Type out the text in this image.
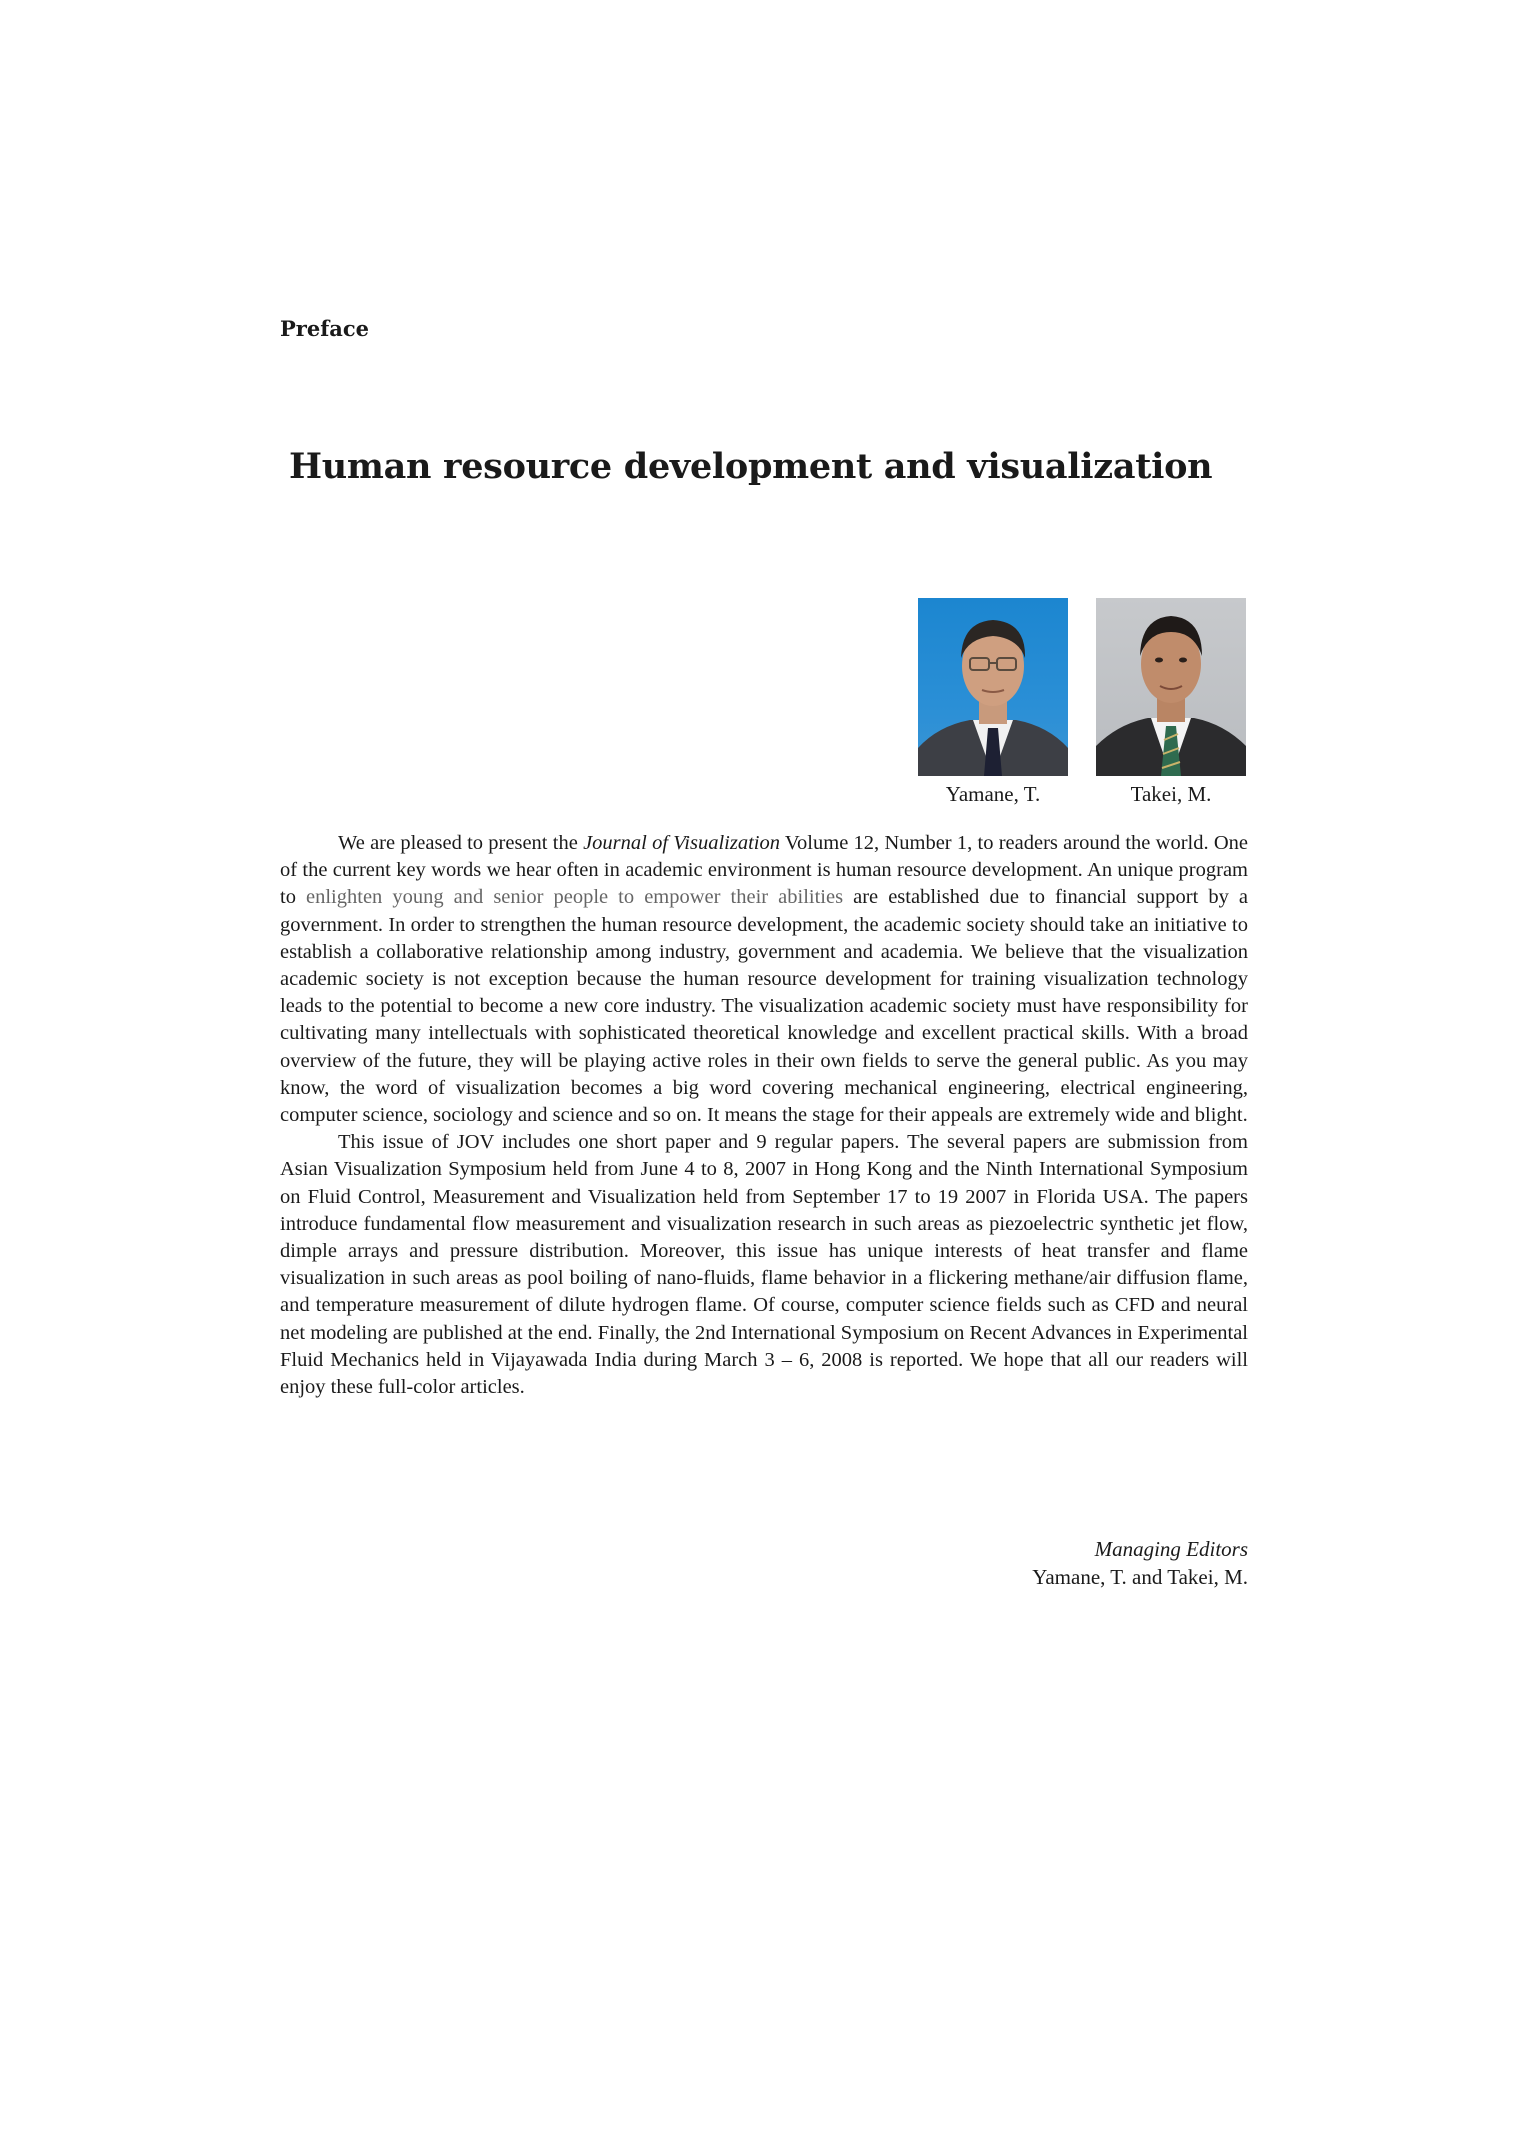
Preface
Human resource development and visualization
Yamane, T.	Takei, M.

We are pleased to present the Journal of Visualization Volume 12, Number 1, to readers around the world. One of the current key words we hear often in academic environment is human resource development. An unique program to enlighten young and senior people to empower their abilities are established due to financial support by a government. In order to strengthen the human resource development, the academic society should take an initiative to establish a collaborative relationship among industry, government and academia. We believe that the visualization academic society is not exception because the human resource development for training visualization technology leads to the potential to become a new core industry. The visualization academic society must have responsibility for cultivating many intellectuals with sophisticated theoretical knowledge and excellent practical skills. With a broad overview of the future, they will be playing active roles in their own fields to serve the general public. As you may know, the word of visualization becomes a big word covering mechanical engineering, electrical engineering, computer science, sociology and science and so on. It means the stage for their appeals are extremely wide and blight.

This issue of JOV includes one short paper and 9 regular papers. The several papers are submission from Asian Visualization Symposium held from June 4 to 8, 2007 in Hong Kong and the Ninth International Symposium on Fluid Control, Measurement and Visualization held from September 17 to 19 2007 in Florida USA. The papers introduce fundamental flow measurement and visualization research in such areas as piezoelectric synthetic jet flow, dimple arrays and pressure distribution. Moreover, this issue has unique interests of heat transfer and flame visualization in such areas as pool boiling of nano-fluids, flame behavior in a flickering methane/air diffusion flame, and temperature measurement of dilute hydrogen flame. Of course, computer science fields such as CFD and neural net modeling are published at the end. Finally, the 2nd International Symposium on Recent Advances in Experimental Fluid Mechanics held in Vijayawada India during March 3 – 6, 2008 is reported. We hope that all our readers will enjoy these full-color articles.

Managing Editors
Yamane, T. and Takei, M.
